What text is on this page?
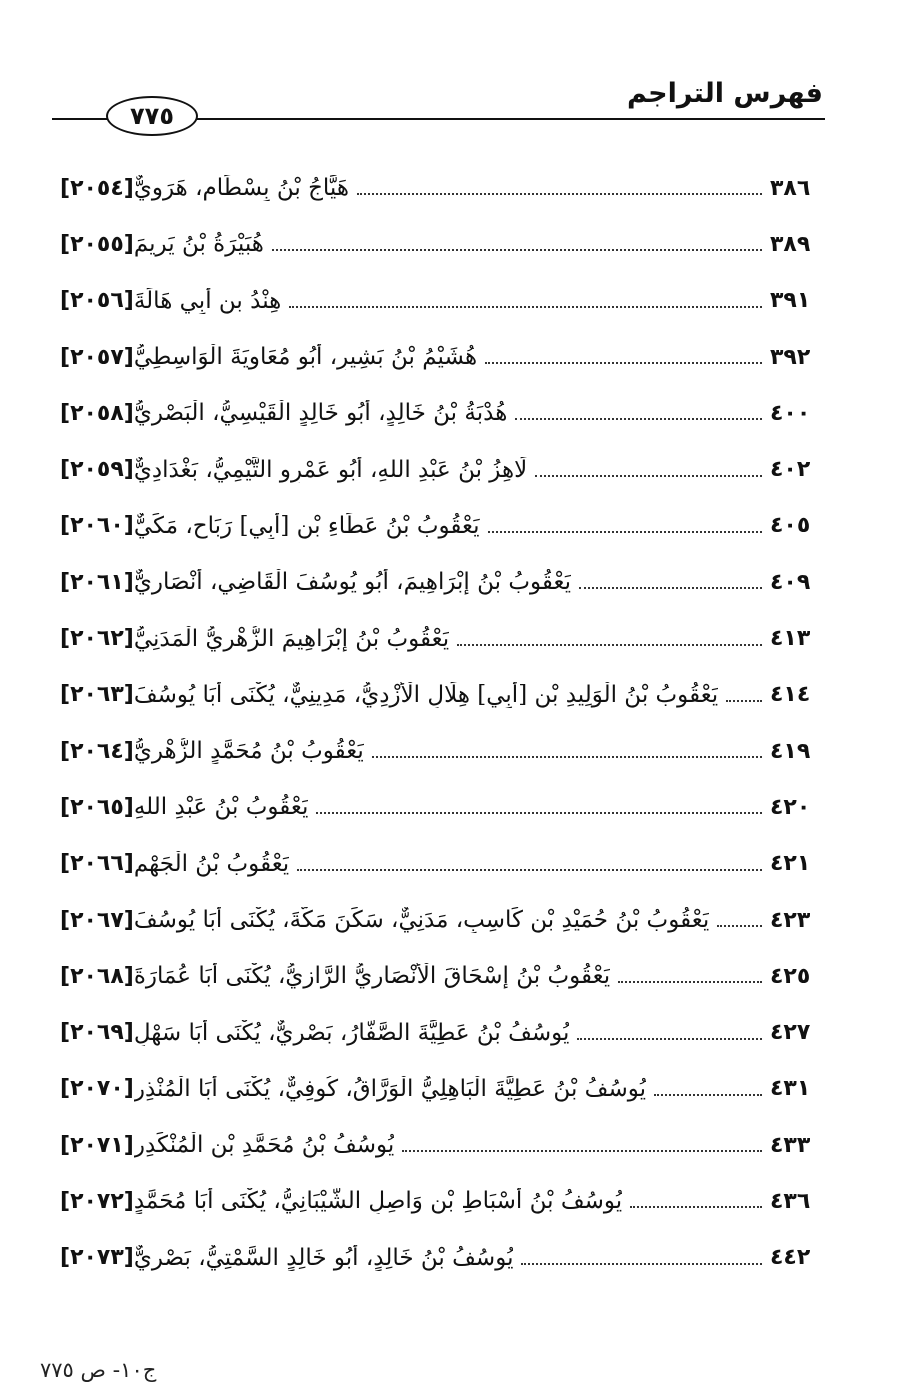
٧٧٥
فهرس التراجم
[٢٠٥٤] هَيَّاجُ بْنُ بِسْطَامٍ، هَرَوِيٌّ	٣٨٦
[٢٠٥٥] هُبَيْرَةُ بْنُ يَرِيمَ	٣٨٩
[٢٠٥٦] هِنْدُ بن أَبِي هَالَةَ	٣٩١
[٢٠٥٧] هُشَيْمُ بْنُ بَشِيرٍ، أَبُو مُعَاوِيَةَ الْوَاسِطِيُّ	٣٩٢
[٢٠٥٨] هُدْبَةُ بْنُ خَالِدٍ، أَبُو خَالِدٍ الْقَيْسِيُّ، الْبَصْرِيُّ	٤٠٠
[٢٠٥٩] لَاهِزُ بْنُ عَبْدِ اللهِ، أَبُو عَمْرٍو التَّيْمِيُّ، بَغْدَادِيٌّ	٤٠٢
[٢٠٦٠] يَعْقُوبُ بْنُ عَطَاءِ بْنِ [أَبِي] رَبَاحٍ، مَكِّيٌّ	٤٠٥
[٢٠٦١] يَعْقُوبُ بْنُ إِبْرَاهِيمَ، أَبُو يُوسُفَ الْقَاضِي، أَنْصَارِيٌّ	٤٠٩
[٢٠٦٢] يَعْقُوبُ بْنُ إِبْرَاهِيمَ الزُّهْرِيُّ الْمَدَنِيُّ	٤١٣
[٢٠٦٣] يَعْقُوبُ بْنُ الْوَلِيدِ بْنِ [أَبِي] هِلَالٍ الْأَزْدِيُّ، مَدِينِيٌّ، يُكْنَى أَبَا يُوسُفَ ٤١٤
[٢٠٦٤] يَعْقُوبُ بْنُ مُحَمَّدٍ الزُّهْرِيُّ	٤١٩
[٢٠٦٥] يَعْقُوبُ بْنُ عَبْدِ اللهِ	٤٢٠
[٢٠٦٦] يَعْقُوبُ بْنُ الْجَهْمِ	٤٢١
[٢٠٦٧] يَعْقُوبُ بْنُ حُمَيْدِ بْنِ كَاسِبٍ، مَدَنِيٌّ، سَكَنَ مَكَّةَ، يُكْنَى أَبَا يُوسُفَ	٤٢٣
[٢٠٦٨] يَعْقُوبُ بْنُ إِسْحَاقَ الْأَنْصَارِيُّ الرَّازِيُّ، يُكْنَى أَبَا عُمَارَةَ	٤٢٥
[٢٠٦٩] يُوسُفُ بْنُ عَطِيَّةَ الصَّفَّارُ، بَصْرِيٌّ، يُكْنَى أَبَا سَهْلٍ	٤٢٧
[٢٠٧٠] يُوسُفُ بْنُ عَطِيَّةَ الْبَاهِلِيُّ الْوَرَّاقُ، كُوفِيٌّ، يُكْنَى أَبَا الْمُنْذِرِ	٤٣١
[٢٠٧١] يُوسُفُ بْنُ مُحَمَّدِ بْنِ الْمُنْكَدِرِ	٤٣٣
[٢٠٧٢] يُوسُفُ بْنُ أَسْبَاطِ بْنِ وَاصِلٍ الشَّيْبَانِيُّ، يُكْنَى أَبَا مُحَمَّدٍ	٤٣٦
[٢٠٧٣] يُوسُفُ بْنُ خَالِدٍ، أَبُو خَالِدٍ السَّمْتِيُّ، بَصْرِيٌّ	٤٤٢
ج١٠- ص ٧٧٥
